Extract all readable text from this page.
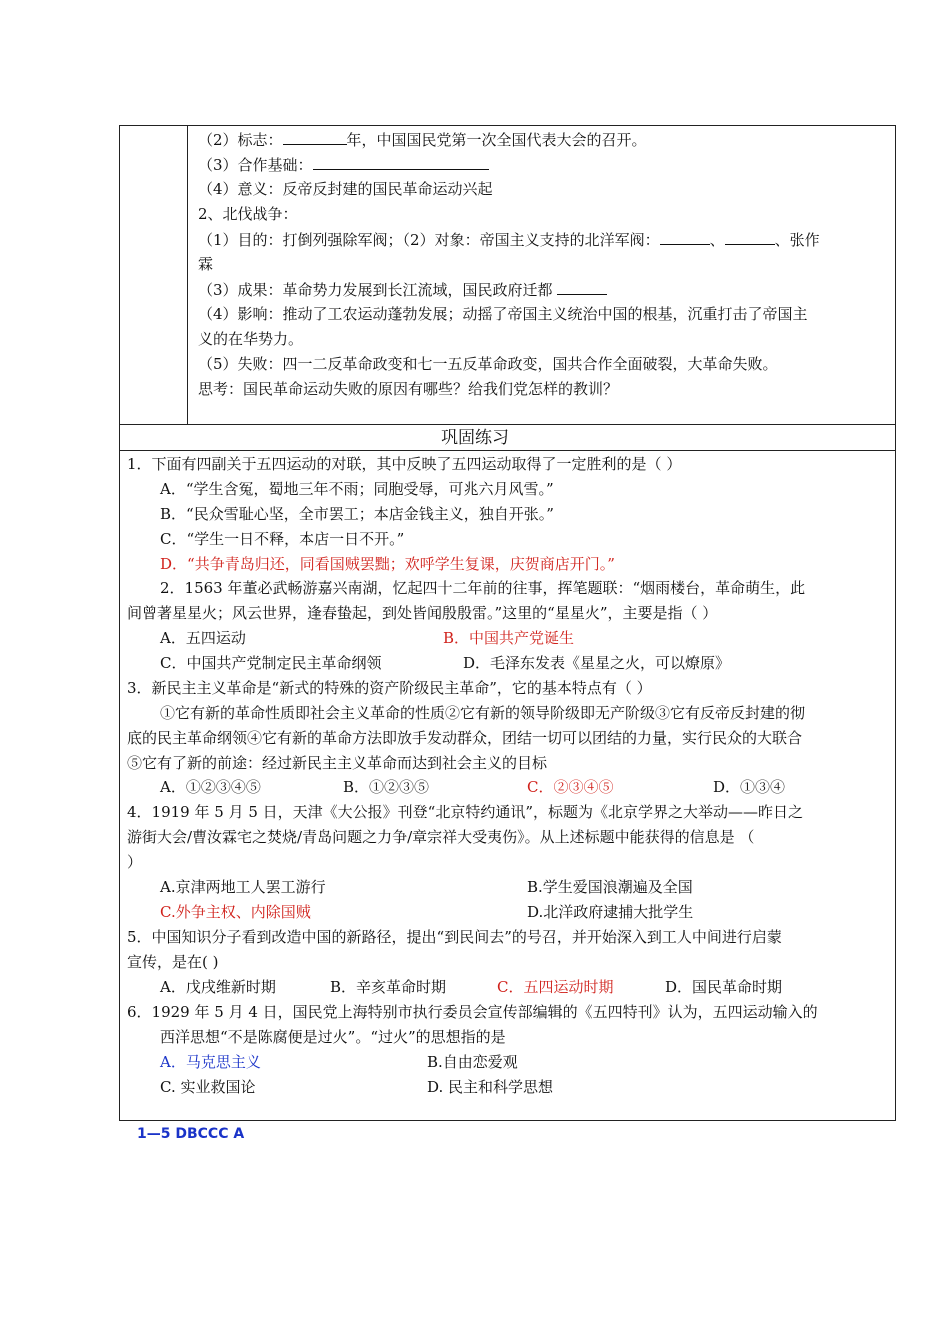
（2）标志：	年，中国国民党第一次全国代表大会的召开。
（3）合作基础：
（4）意义：反帝反封建的国民革命运动兴起
2、北伐战争：
（1）目的：打倒列强除军阀；（2）对象：帝国主义支持的北洋军阀：	、	、张作
霖
（3）成果：革命势力发展到长江流域，国民政府迁都
（4）影响：推动了工农运动蓬勃发展；动摇了帝国主义统治中国的根基，沉重打击了帝国主
义的在华势力。
（5）失败：四一二反革命政变和七一五反革命政变，国共合作全面破裂，大革命失败。
思考：国民革命运动失败的原因有哪些？给我们党怎样的教训？
巩固练习
1．下面有四副关于五四运动的对联，其中反映了五四运动取得了一定胜利的是（ ）
A．“学生含冤，蜀地三年不雨；同胞受辱，可兆六月风雪。”
B．“民众雪耻心坚，全市罢工；本店金钱主义，独自开张。”
C．“学生一日不释，本店一日不开。”
D．“共争青岛归还，同看国贼罢黜；欢呼学生复课，庆贺商店开门。”
2．1563 年董必武畅游嘉兴南湖，忆起四十二年前的往事，挥笔题联：“烟雨楼台，革命萌生，此
间曾著星星火；风云世界，逢春蛰起，到处皆闻殷殷雷。”这里的“星星火”，主要是指（ ）
A．五四运动	B．中国共产党诞生
C．中国共产党制定民主革命纲领	D．毛泽东发表《星星之火，可以燎原》
3．新民主主义革命是“新式的特殊的资产阶级民主革命”，它的基本特点有（ ）
①它有新的革命性质即社会主义革命的性质②它有新的领导阶级即无产阶级③它有反帝反封建的彻
底的民主革命纲领④它有新的革命方法即放手发动群众，团结一切可以团结的力量，实行民众的大联合
⑤它有了新的前途：经过新民主主义革命而达到社会主义的目标
A．①②③④⑤	B．①②③⑤	C．②③④⑤	D．①③④
4．1919 年 5 月 5 日，天津《大公报》刊登“北京特约通讯”，标题为《北京学界之大举动——昨日之
游街大会/曹汝霖宅之焚烧/青岛问题之力争/章宗祥大受夷伤》。从上述标题中能获得的信息是 （
）
A.京津两地工人罢工游行	B.学生爱国浪潮遍及全国
C.外争主权、内除国贼	D.北洋政府逮捕大批学生
5．中国知识分子看到改造中国的新路径，提出“到民间去”的号召，并开始深入到工人中间进行启蒙
宣传，是在( )
A．戊戌维新时期	B．辛亥革命时期	C．五四运动时期	D．国民革命时期
6．1929 年 5 月 4 日，国民党上海特别市执行委员会宣传部编辑的《五四特刊》认为，五四运动输入的
西洋思想“不是陈腐便是过火”。“过火”的思想指的是
A．马克思主义	B.自由恋爱观
C. 实业救国论	D. 民主和科学思想
1—5 DBCCC A
